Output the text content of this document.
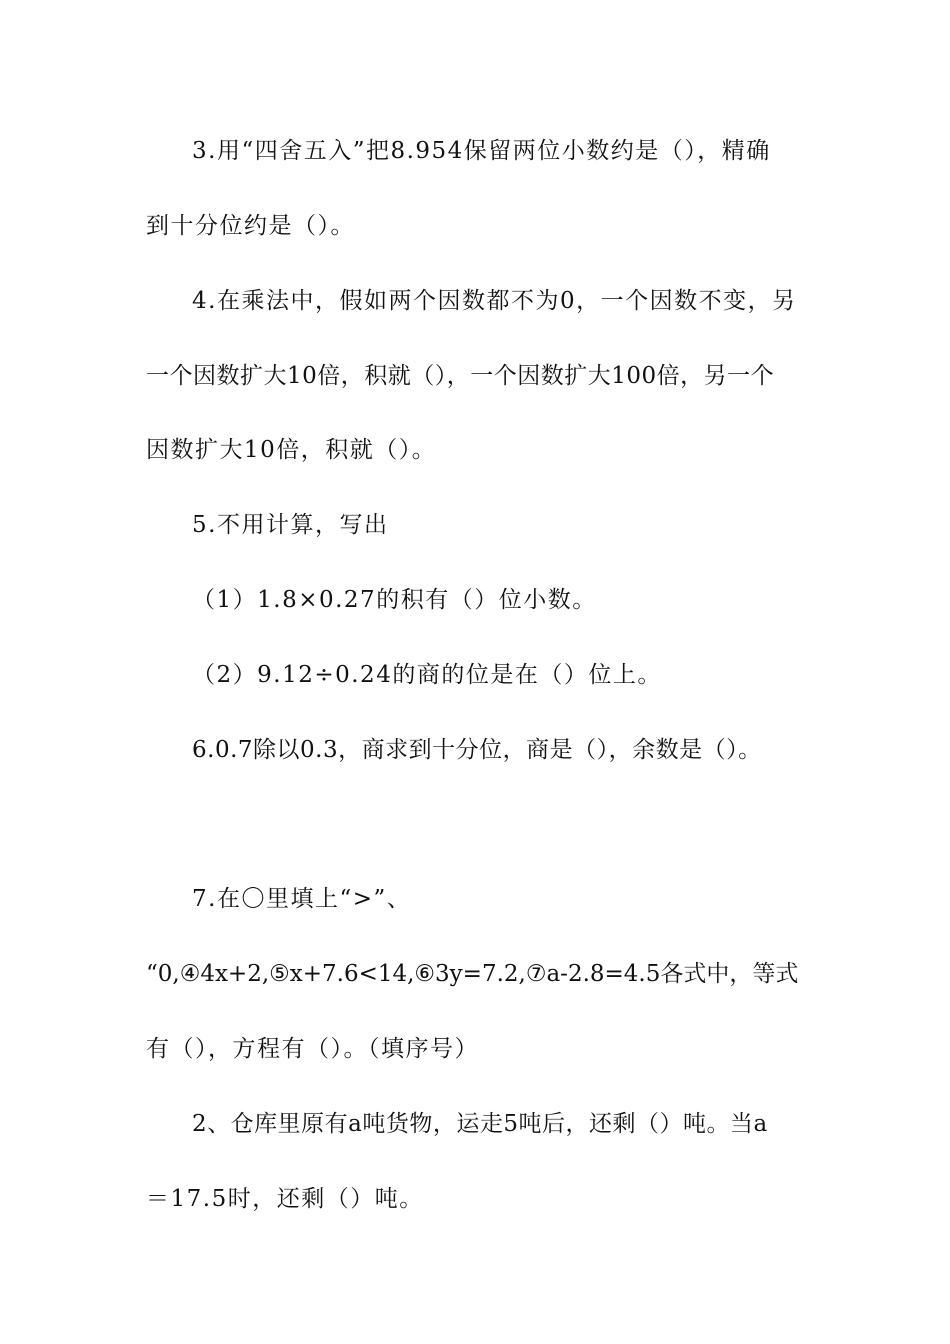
3.用“四舍五入”把8.954保留两位小数约是（），精确
到十分位约是（）。
4.在乘法中，假如两个因数都不为0，一个因数不变，另
一个因数扩大10倍，积就（），一个因数扩大100倍，另一个
因数扩大10倍，积就（）。
5.不用计算，写出
（1）1.8×0.27的积有（）位小数。
（2）9.12÷0.24的商的位是在（）位上。
6.0.7除以0.3，商求到十分位，商是（），余数是（）。
7.在〇里填上“>”、
“0,④4x+2,⑤x+7.6<14,⑥3y=7.2,⑦a-2.8=4.5各式中，等式
有（），方程有（）。（填序号）
2、仓库里原有a吨货物，运走5吨后，还剩（）吨。当a
＝17.5时，还剩（）吨。
